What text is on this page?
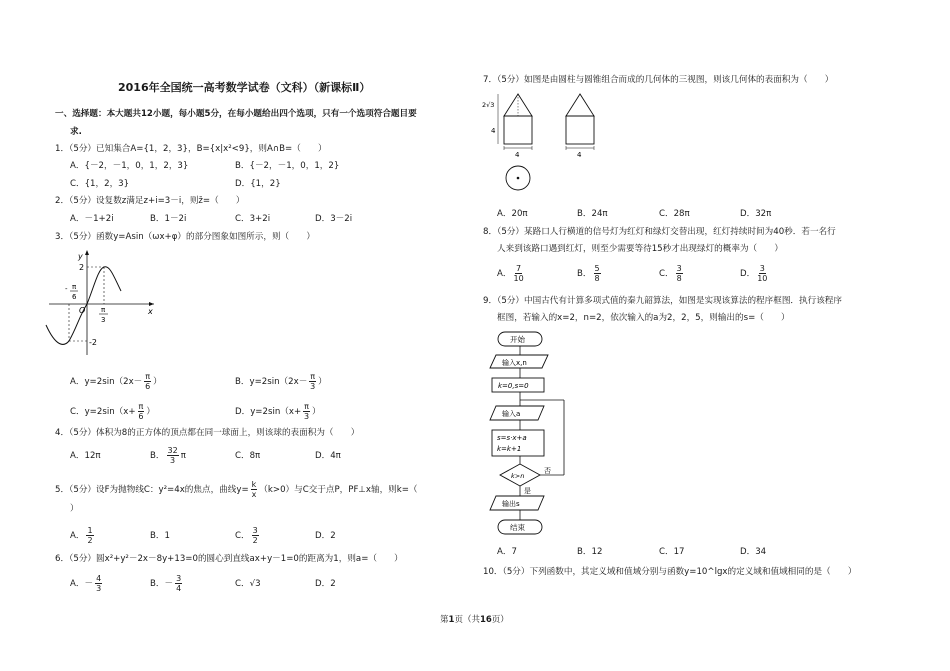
2016年全国统一高考数学试卷（文科）（新课标Ⅱ）
一、选择题：本大题共12小题，每小题5分，在每小题给出四个选项，只有一个选项符合题目要
求.
1．（5分）已知集合A={1，2，3}，B={x|x²<9}，则A∩B=（　　）
A．{－2，－1，0，1，2，3}	B．{－2，－1，0，1，2}
C．{1，2，3}	D．{1，2}
2．（5分）设复数z满足z+i=3－i，则z̄=（　　）
A．－1+2i	B．1－2i	C．3+2i	D．3－2i
3．（5分）函数y=Asin（ωx+φ）的部分图象如图所示，则（　　）
y
x
O
2
-2
π
6
-
π
3
A．$y=2\sin(2x- \frac{\pi}{6}$ ）	B．$y=2\sin(2x- \frac{\pi}{3}$ ）
C．$y=2\sin(x+ \frac{\pi}{6}$ ）	D．$y=2\sin(x+ \frac{\pi}{3}$ ）
4．（5分）体积为8的正方体的顶点都在同一球面上，则该球的表面积为（　　）
A．12π	B． $\frac{32}{3}$ π	C．8π	D．4π
5．（5分）设F为抛物线C：y²=4x的焦点，曲线$y= \frac{k}{x} (k>0)$与C交于点P，PF⊥x轴，则k=（
）
A． $\frac{1}{2}$	B．1	C． $\frac{3}{2}$	D．2
6．（5分）圆x²+y²－2x－8y+13=0的圆心到直线ax+y－1=0的距离为1，则a=（　　）
A．－ $\frac{4}{3}$	B．－ $\frac{3}{4}$	C．√3	D．2
7．（5分）如图是由圆柱与圆锥组合而成的几何体的三视图，则该几何体的表面积为（　　）
2√3
4
4	4
A．20π	B．24π	C．28π	D．32π
8．（5分）某路口人行横道的信号灯为红灯和绿灯交替出现，红灯持续时间为40秒．若一名行
人来到该路口遇到红灯，则至少需要等待15秒才出现绿灯的概率为（　　）
A． $\frac{7}{10}$	B． $\frac{5}{8}$	C． $\frac{3}{8}$	D． $\frac{3}{10}$
9．（5分）中国古代有计算多项式值的秦九韶算法，如图是实现该算法的程序框图．执行该程序
框图，若输入的x=2，n=2，依次输入的a为2，2，5，则输出的s=（　　）
开始
输入x,n
k=0,s=0
输入a
s=s·x+a
k=k+1
k>n
否
是
输出s
结束
A．7	B．12	C．17	D．34
10．（5分）下列函数中，其定义域和值域分别与函数y=10^lgx的定义域和值域相同的是（　　）
第1页（共16页）
